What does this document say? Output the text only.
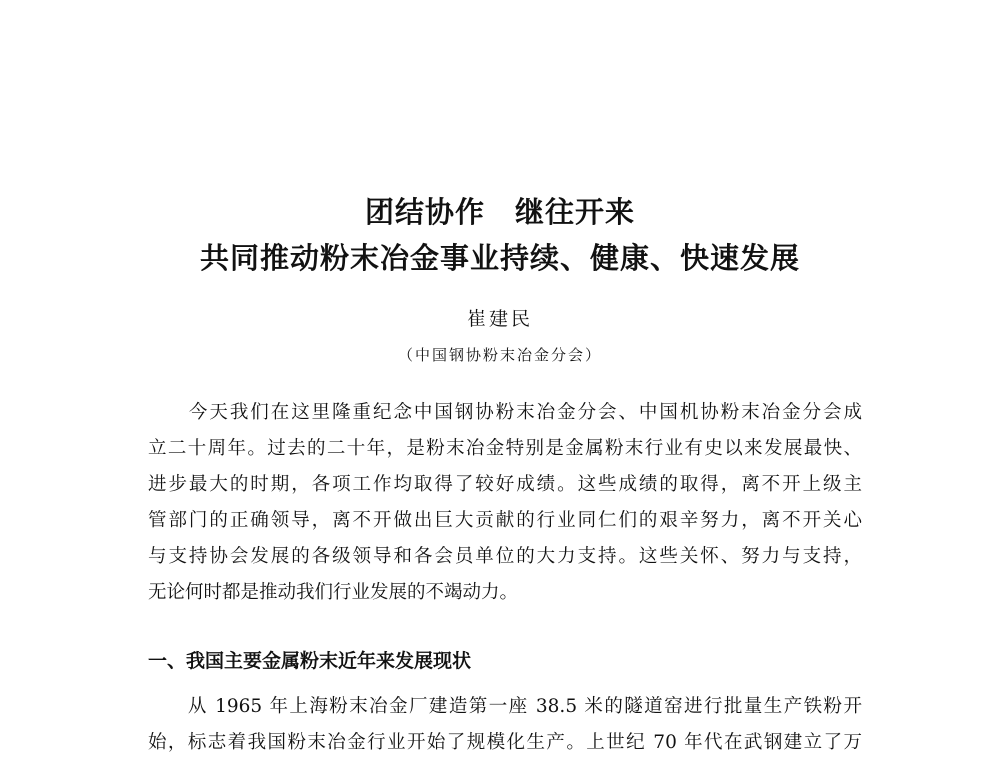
团结协作　继往开来
共同推动粉末冶金事业持续、健康、快速发展
崔建民
（中国钢协粉末冶金分会）
　　今天我们在这里隆重纪念中国钢协粉末冶金分会、中国机协粉末冶金分会成
立二十周年。过去的二十年，是粉末冶金特别是金属粉末行业有史以来发展最快、
进步最大的时期，各项工作均取得了较好成绩。这些成绩的取得，离不开上级主
管部门的正确领导，离不开做出巨大贡献的行业同仁们的艰辛努力，离不开关心
与支持协会发展的各级领导和各会员单位的大力支持。这些关怀、努力与支持，
无论何时都是推动我们行业发展的不竭动力。
一、我国主要金属粉末近年来发展现状
　　从 1965 年上海粉末冶金厂建造第一座 38.5 米的隧道窑进行批量生产铁粉开
始，标志着我国粉末冶金行业开始了规模化生产。上世纪 70 年代在武钢建立了万
